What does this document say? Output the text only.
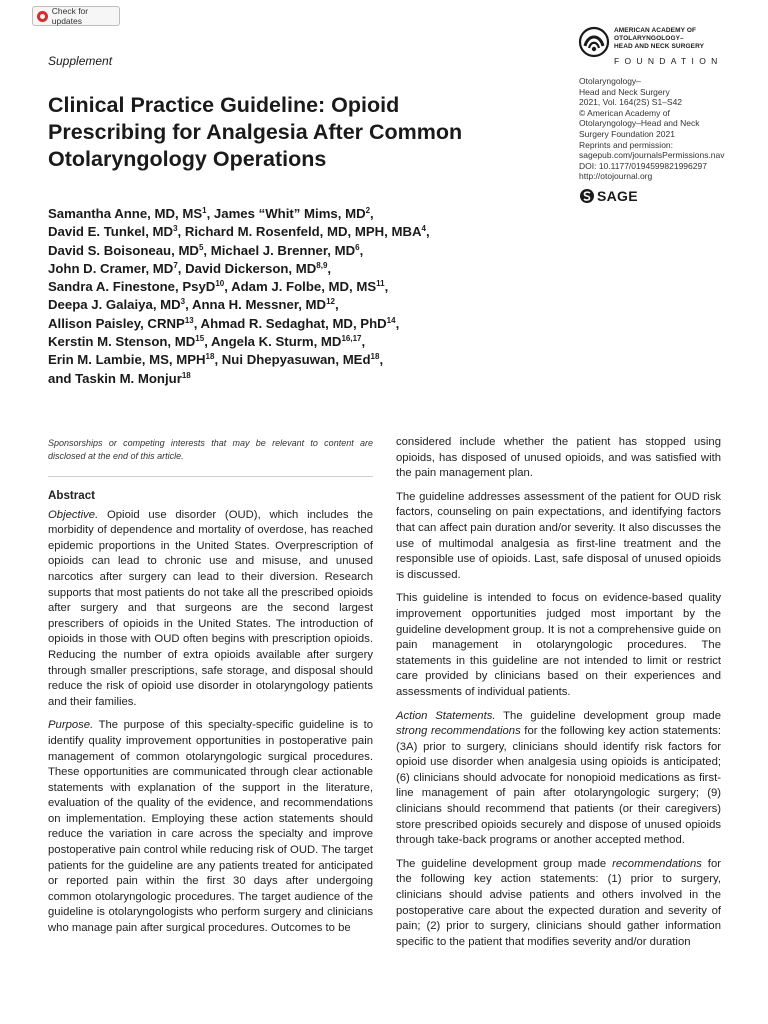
Check for updates
Supplement
Clinical Practice Guideline: Opioid
Prescribing for Analgesia After Common
Otolaryngology Operations
AMERICAN ACADEMY OF
OTOLARYNGOLOGY–
HEAD AND NECK SURGERY
FOUNDATION
Otolaryngology–
Head and Neck Surgery
2021, Vol. 164(2S) S1–S42
© American Academy of
Otolaryngology–Head and Neck
Surgery Foundation 2021
Reprints and permission:
sagepub.com/journalsPermissions.nav
DOI: 10.1177/0194599821996297
http://otojournal.org
SAGE
Samantha Anne, MD, $MS^1$, James “Whit” Mims, $MD^2$,
David E. Tunkel, $MD^3$, Richard M. Rosenfeld, MD, MPH, MBA$^4$,
David S. Boisoneau, $MD^5$, Michael J. Brenner, $MD^6$,
John D. Cramer, $MD^7$, David Dickerson, MD$^{8,9}$,
Sandra A. Finestone, PsyD$^{10}$, Adam J. Folbe, MD, MS$^{11}$,
Deepa J. Galaiya, $MD^3$, Anna H. Messner, MD$^{12}$,
Allison Paisley, CRNP$^{13}$, Ahmad R. Sedaghat, MD, PhD$^{14}$,
Kerstin M. Stenson, MD$^{15}$, Angela K. Sturm, MD$^{16,17}$,
Erin M. Lambie, MS, MPH$^{18}$, Nui Dhepyasuwan, MEd$^{18}$,
and Taskin M. Monjur$^{18}$
Sponsorships or competing interests that may be relevant to content are disclosed at the end of this article.

Abstract

Objective. Opioid use disorder (OUD), which includes the morbidity of dependence and mortality of overdose, has reached epidemic proportions in the United States. Overprescription of opioids can lead to chronic use and misuse, and unused narcotics after surgery can lead to their diversion. Research supports that most patients do not take all the prescribed opioids after surgery and that surgeons are the second largest prescribers of opioids in the United States. The introduction of opioids in those with OUD often begins with prescription opioids. Reducing the number of extra opioids available after surgery through smaller prescriptions, safe storage, and disposal should reduce the risk of opioid use disorder in otolaryngology patients and their families.

Purpose. The purpose of this specialty-specific guideline is to identify quality improvement opportunities in postoperative pain management of common otolaryngologic surgical procedures. These opportunities are communicated through clear actionable statements with explanation of the support in the literature, evaluation of the quality of the evidence, and recommendations on implementation. Employing these action statements should reduce the variation in care across the specialty and improve postoperative pain control while reducing risk of OUD. The target patients for the guideline are any patients treated for anticipated or reported pain within the first 30 days after undergoing common otolaryngologic procedures. The target audience of the guideline is otolaryngologists who perform surgery and clinicians who manage pain after surgical procedures. Outcomes to be

considered include whether the patient has stopped using opioids, has disposed of unused opioids, and was satisfied with the pain management plan.

The guideline addresses assessment of the patient for OUD risk factors, counseling on pain expectations, and identifying factors that can affect pain duration and/or severity. It also discusses the use of multimodal analgesia as first-line treatment and the responsible use of opioids. Last, safe disposal of unused opioids is discussed.

This guideline is intended to focus on evidence-based quality improvement opportunities judged most important by the guideline development group. It is not a comprehensive guide on pain management in otolaryngologic procedures. The statements in this guideline are not intended to limit or restrict care provided by clinicians based on their experiences and assessments of individual patients.

Action Statements. The guideline development group made strong recommendations for the following key action statements: (3A) prior to surgery, clinicians should identify risk factors for opioid use disorder when analgesia using opioids is anticipated; (6) clinicians should advocate for nonopioid medications as first-line management of pain after otolaryngologic surgery; (9) clinicians should recommend that patients (or their caregivers) store prescribed opioids securely and dispose of unused opioids through take-back programs or another accepted method.

The guideline development group made recommendations for the following key action statements: (1) prior to surgery, clinicians should advise patients and others involved in the postoperative care about the expected duration and severity of pain; (2) prior to surgery, clinicians should gather information specific to the patient that modifies severity and/or duration
